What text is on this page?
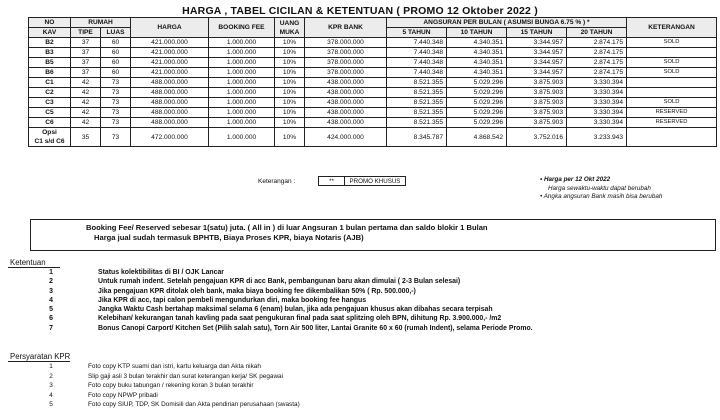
HARGA , TABEL CICILAN & KETENTUAN ( PROMO 12 Oktober 2022 )
NO	RUMAH		HARGA	BOOKING FEE	UANG
MUKA	KPR BANK	ANGSURAN PER BULAN ( ASUMSI BUNGA 6.75 % ) *				KETERANGAN
KAV	TIPE	LUAS					5 TAHUN	10 TAHUN	15 TAHUN	20 TAHUN	
B2	37	60	421.000.000	1.000.000	10%	378.000.000	7.440.348	4.340.351	3.344.957	2.874.175	SOLD
B3	37	60	421.000.000	1.000.000	10%	378.000.000	7.440.348	4.340.351	3.344.957	2.874.175	
B5	37	60	421.000.000	1.000.000	10%	378.000.000	7.440.348	4.340.351	3.344.957	2.874.175	SOLD
B6	37	60	421.000.000	1.000.000	10%	378.000.000	7.440.348	4.340.351	3.344.957	2.874.175	SOLD
C1	42	73	488.000.000	1.000.000	10%	438.000.000	8.521.355	5.029.296	3.875.903	3.330.394	
C2	42	73	488.000.000	1.000.000	10%	438.000.000	8.521.355	5.029.296	3.875.903	3.330.394	
C3	42	73	488.000.000	1.000.000	10%	438.000.000	8.521.355	5.029.296	3.875.903	3.330.394	SOLD
C5	42	73	488.000.000	1.000.000	10%	438.000.000	8.521.355	5.029.296	3.875.903	3.330.394	RESERVED
C6	42	73	488.000.000	1.000.000	10%	438.000.000	8.521.355	5.029.296	3.875.903	3.330.394	RESERVED
Opsi
C1 s/d C6	35	73	472.000.000	1.000.000	10%	424.000.000	8.345.787	4.868.542	3.752.016	3.233.943	
Keterangan :	**	PROMO KHUSUS	• Harga per 12 Okt 2022
Harga sewaktu-waktu dapat berubah
• Angka angsuran Bank masih bisa berubah
Booking Fee/ Reserved sebesar 1(satu) juta. ( All in ) di luar Angsuran 1 bulan pertama dan saldo blokir 1 Bulan
Harga jual sudah termasuk BPHTB, Biaya Proses KPR, biaya Notaris (AJB)
Ketentuan
1	Status kolektibilitas di BI / OJK Lancar
2	Untuk rumah indent. Setelah pengajuan KPR di acc Bank, pembangunan baru akan dimulai ( 2-3 Bulan selesai)
3	Jika pengajuan KPR ditolak oleh bank, maka biaya booking fee dikembalikan 50% ( Rp. 500.000,-)
4	Jika KPR di acc, tapi calon pembeli mengundurkan diri, maka booking fee hangus
5	Jangka Waktu Cash bertahap maksimal selama 6 (enam) bulan, jika ada pengajuan khusus akan dibahas secara terpisah
6	Kelebihan/ kekurangan tanah kavling pada saat pengukuran final pada saat splitzing oleh BPN, dihitung Rp. 3.900.000,- /m2
7	Bonus Canopi Carport/ Kitchen Set (Pilih salah satu), Torn Air 500 liter, Lantai Granite 60 x 60 (rumah Indent), selama Periode Promo.
Persyaratan KPR
1	Foto copy KTP suami dan istri, kartu keluarga dan Akta nikah
2	Slip gaji asli 3 bulan terakhir dan surat keterangan kerja/ SK pegawai
3	Foto copy buku tabungan / rekening koran 3 bulan terakhir
4	Foto copy NPWP pribadi
5	Foto copy SIUP, TDP, SK Domisili dan Akta pendirian perusahaan (swasta)
